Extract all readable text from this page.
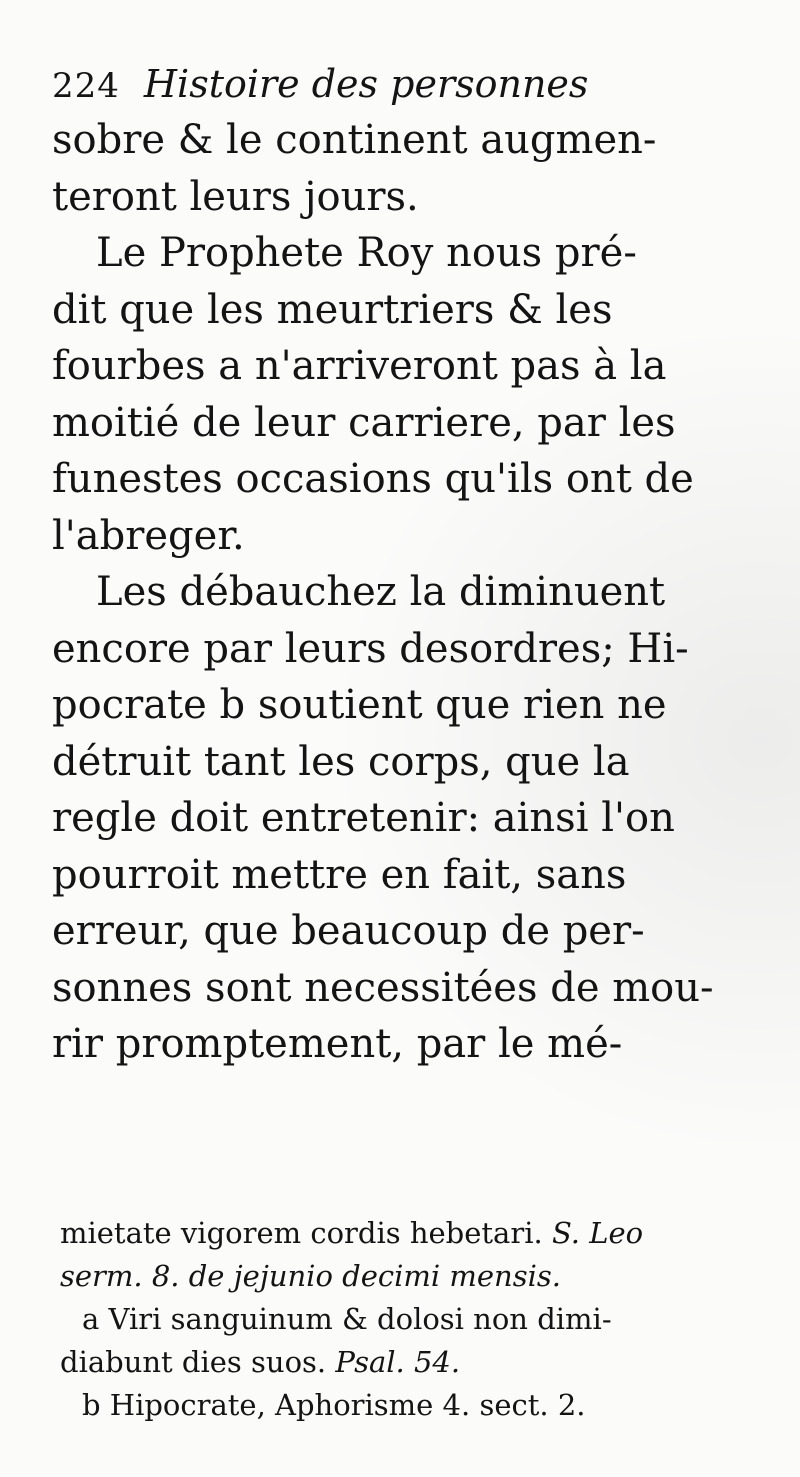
224 Histoire des personnes
sobre & le continent augmen-
teront leurs jours.
Le Prophete Roy nous pré-
dit que les meurtriers & les
fourbes a n'arriveront pas à la
moitié de leur carriere, par les
funestes occasions qu'ils ont de
l'abreger.
Les débauchez la diminuent
encore par leurs desordres; Hi-
pocrate b soutient que rien ne
détruit tant les corps, que la
regle doit entretenir: ainsi l'on
pourroit mettre en fait, sans
erreur, que beaucoup de per-
sonnes sont necessitées de mou-
rir promptement, par le mé-
mietate vigorem cordis hebetari. S. Leo
serm. 8. de jejunio decimi mensis.
a Viri sanguinum & dolosi non dimi-
diabunt dies suos. Psal. 54.
b Hipocrate, Aphorisme 4. sect. 2.
